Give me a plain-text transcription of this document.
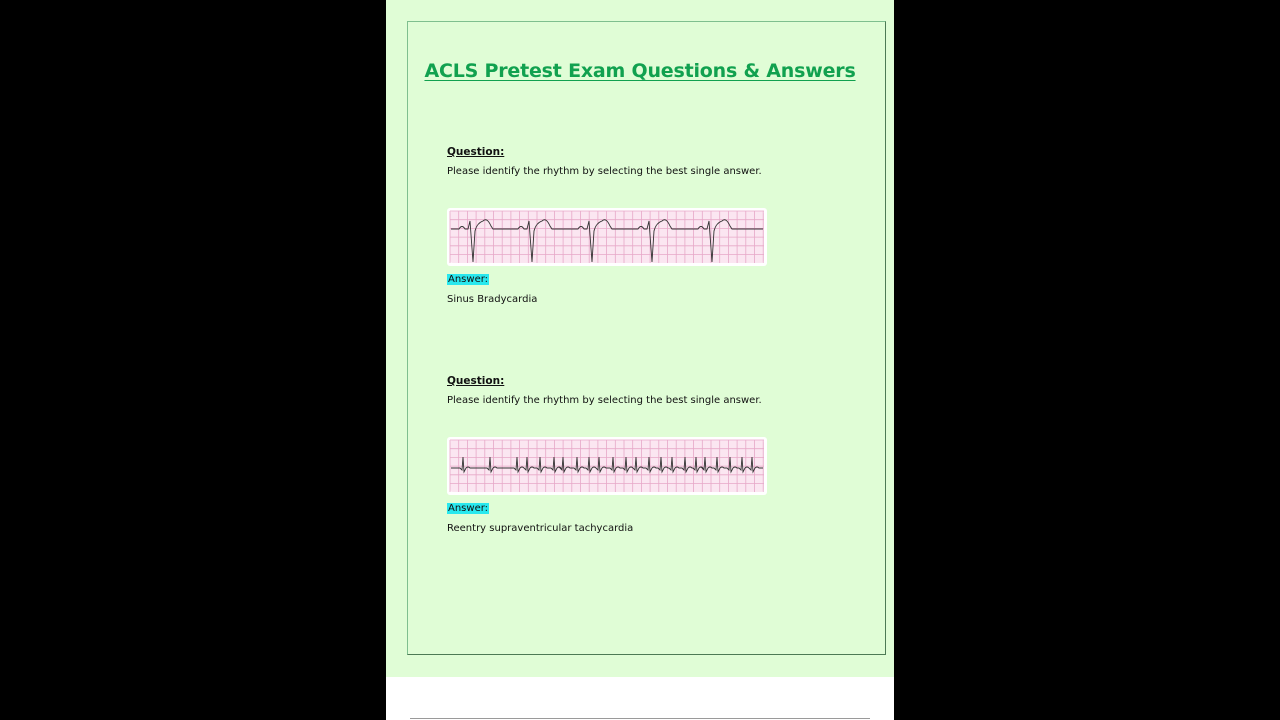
ACLS Pretest Exam Questions & Answers
Question:
Please identify the rhythm by selecting the best single answer.
Answer:
Sinus Bradycardia
Question:
Please identify the rhythm by selecting the best single answer.
Answer:
Reentry supraventricular tachycardia
